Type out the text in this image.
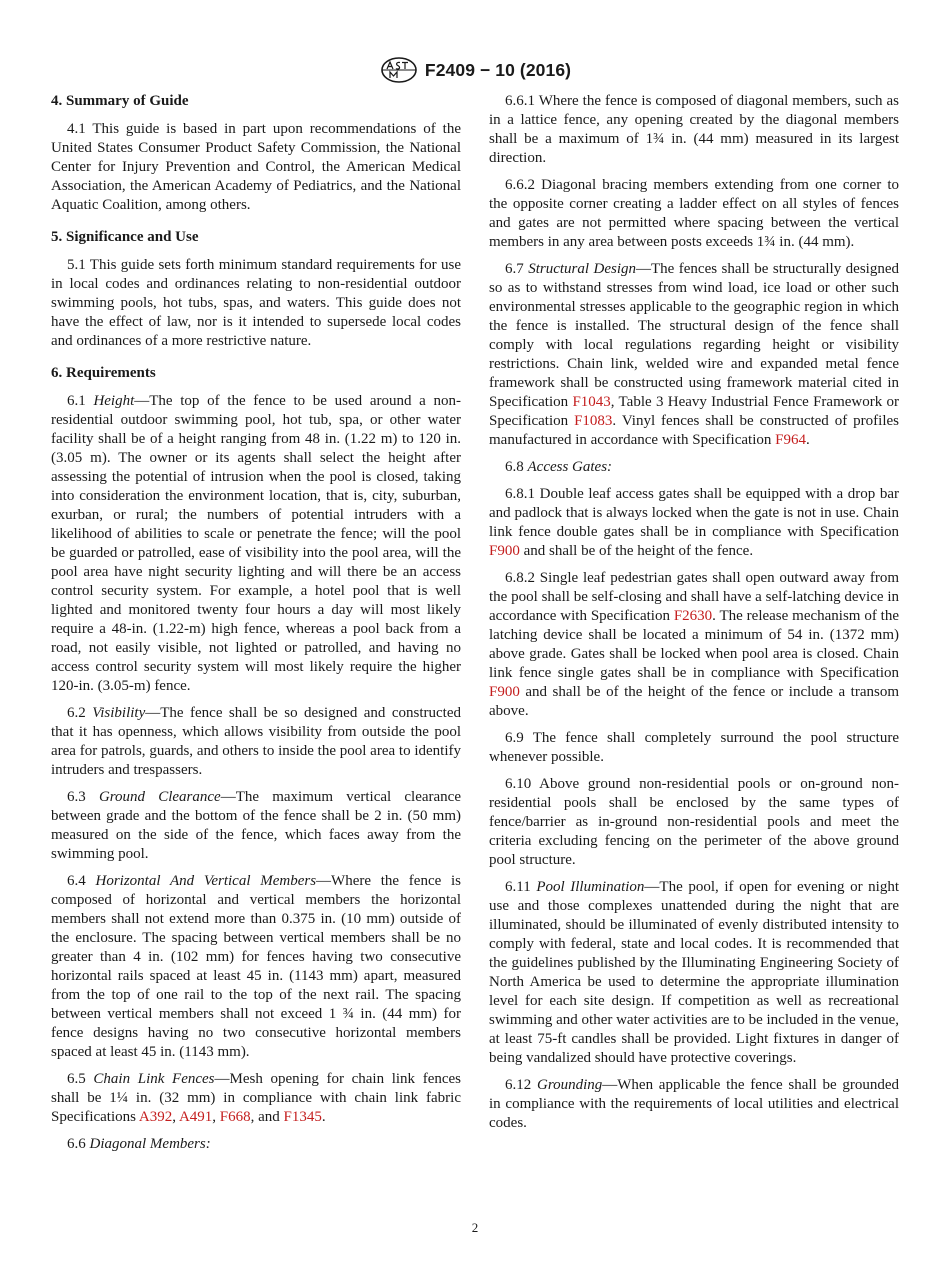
F2409 − 10 (2016)
4. Summary of Guide

4.1 This guide is based in part upon recommendations of the United States Consumer Product Safety Commission, the National Center for Injury Prevention and Control, the American Medical Association, the American Academy of Pediatrics, and the National Aquatic Coalition, among others.

5. Significance and Use

5.1 This guide sets forth minimum standard requirements for use in local codes and ordinances relating to non-residential outdoor swimming pools, hot tubs, spas, and waters. This guide does not have the effect of law, nor is it intended to supersede local codes and ordinances of a more restrictive nature.

6. Requirements

6.1 Height—The top of the fence to be used around a non-residential outdoor swimming pool, hot tub, spa, or other water facility shall be of a height ranging from 48 in. (1.22 m) to 120 in. (3.05 m). The owner or its agents shall select the height after assessing the potential of intrusion when the pool is closed, taking into consideration the environment location, that is, city, suburban, exurban, or rural; the numbers of potential intruders with a likelihood of abilities to scale or penetrate the fence; will the pool be guarded or patrolled, ease of visibility into the pool area, will the pool area have night security lighting and will there be an access control security system. For example, a hotel pool that is well lighted and monitored twenty four hours a day will most likely require a 48-in. (1.22-m) high fence, whereas a pool back from a road, not easily visible, not lighted or patrolled, and having no access control security system will most likely require the higher 120-in. (3.05-m) fence.

6.2 Visibility—The fence shall be so designed and constructed that it has openness, which allows visibility from outside the pool area for patrols, guards, and others to inside the pool area to identify intruders and trespassers.

6.3 Ground Clearance—The maximum vertical clearance between grade and the bottom of the fence shall be 2 in. (50 mm) measured on the side of the fence, which faces away from the swimming pool.

6.4 Horizontal And Vertical Members—Where the fence is composed of horizontal and vertical members the horizontal members shall not extend more than 0.375 in. (10 mm) outside of the enclosure. The spacing between vertical members shall be no greater than 4 in. (102 mm) for fences having two consecutive horizontal rails spaced at least 45 in. (1143 mm) apart, measured from the top of one rail to the top of the next rail. The spacing between vertical members shall not exceed 1 ¾ in. (44 mm) for fence designs having no two consecutive horizontal members spaced at least 45 in. (1143 mm).

6.5 Chain Link Fences—Mesh opening for chain link fences shall be 1¼ in. (32 mm) in compliance with chain link fabric Specifications A392, A491, F668, and F1345.

6.6 Diagonal Members:

6.6.1 Where the fence is composed of diagonal members, such as in a lattice fence, any opening created by the diagonal members shall be a maximum of 1¾ in. (44 mm) measured in its largest direction.

6.6.2 Diagonal bracing members extending from one corner to the opposite corner creating a ladder effect on all styles of fences and gates are not permitted where spacing between the vertical members in any area between posts exceeds 1¾ in. (44 mm).

6.7 Structural Design—The fences shall be structurally designed so as to withstand stresses from wind load, ice load or other such environmental stresses applicable to the geographic region in which the fence is installed. The structural design of the fence shall comply with local regulations regarding height or visibility restrictions. Chain link, welded wire and expanded metal fence framework shall be constructed using framework material cited in Specification F1043, Table 3 Heavy Industrial Fence Framework or Specification F1083. Vinyl fences shall be constructed of profiles manufactured in accordance with Specification F964.

6.8 Access Gates:

6.8.1 Double leaf access gates shall be equipped with a drop bar and padlock that is always locked when the gate is not in use. Chain link fence double gates shall be in compliance with Specification F900 and shall be of the height of the fence.

6.8.2 Single leaf pedestrian gates shall open outward away from the pool shall be self-closing and shall have a self-latching device in accordance with Specification F2630. The release mechanism of the latching device shall be located a minimum of 54 in. (1372 mm) above grade. Gates shall be locked when pool area is closed. Chain link fence single gates shall be in compliance with Specification F900 and shall be of the height of the fence or include a transom above.

6.9 The fence shall completely surround the pool structure whenever possible.

6.10 Above ground non-residential pools or on-ground non-residential pools shall be enclosed by the same types of fence/barrier as in-ground non-residential pools and meet the criteria excluding fencing on the perimeter of the above ground pool structure.

6.11 Pool Illumination—The pool, if open for evening or night use and those complexes unattended during the night that are illuminated, should be illuminated of evenly distributed intensity to comply with federal, state and local codes. It is recommended that the guidelines published by the Illuminating Engineering Society of North America be used to determine the appropriate illumination level for each site design. If competition as well as recreational swimming and other water activities are to be included in the venue, at least 75-ft candles shall be provided. Light fixtures in danger of being vandalized should have protective coverings.

6.12 Grounding—When applicable the fence shall be grounded in compliance with the requirements of local utilities and electrical codes.

2
